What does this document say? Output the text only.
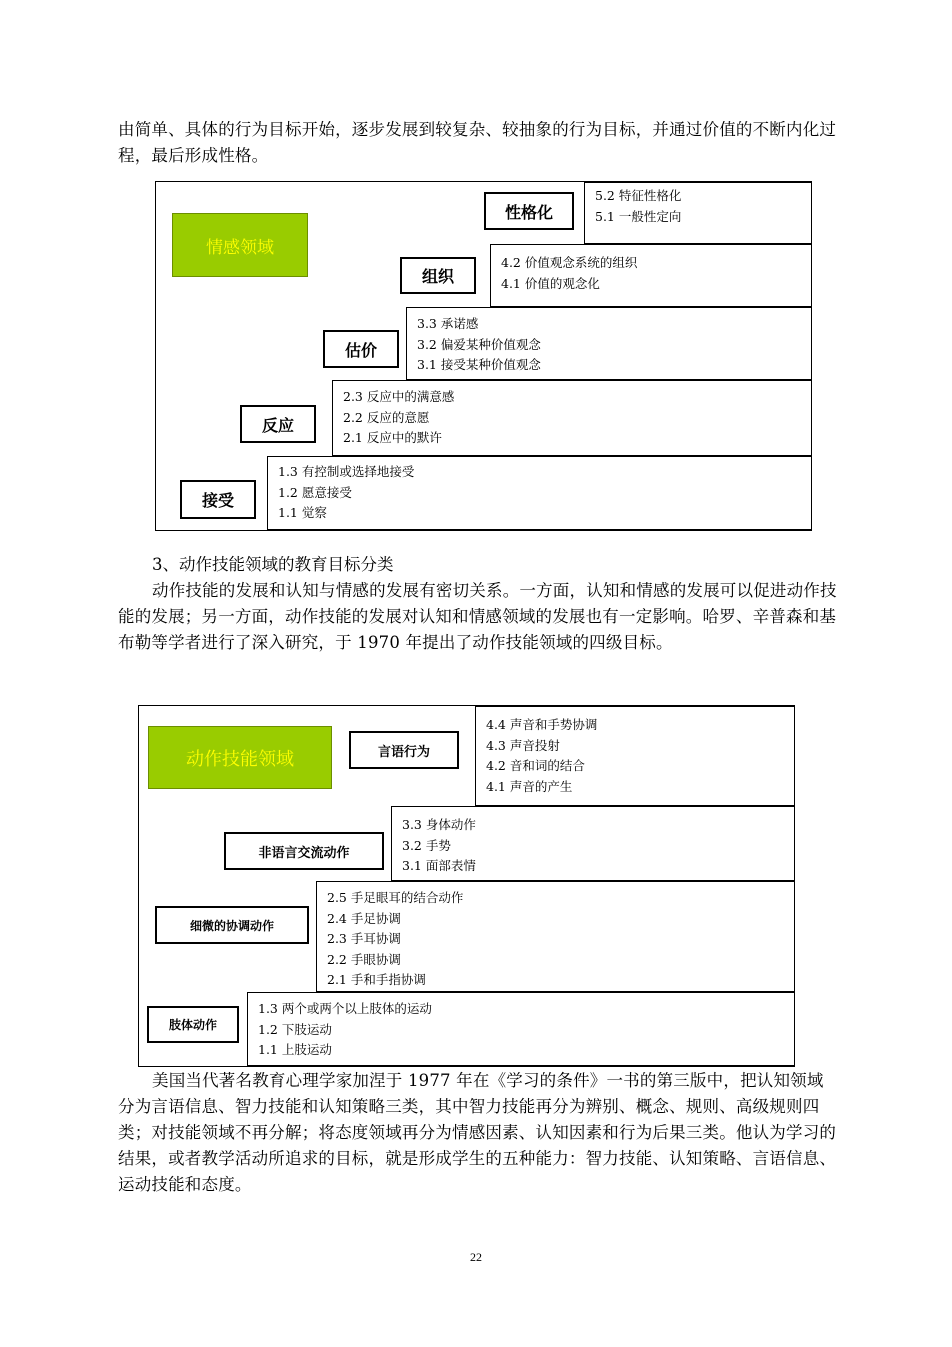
由简单、具体的行为目标开始，逐步发展到较复杂、较抽象的行为目标，并通过价值的不断内化过程，最后形成性格。

情感领域
5.2 特征性格化
5.1 一般性定向
性格化
4.2 价值观念系统的组织
4.1 价值的观念化
组织
3.3 承诺感
3.2 偏爱某种价值观念
3.1 接受某种价值观念
估价
2.3 反应中的满意感
2.2 反应的意愿
2.1 反应中的默许
反应
1.3 有控制或选择地接受
1.2 愿意接受
1.1 觉察
接受

3、动作技能领域的教育目标分类

动作技能的发展和认知与情感的发展有密切关系。一方面，认知和情感的发展可以促进动作技能的发展；另一方面，动作技能的发展对认知和情感领域的发展也有一定影响。哈罗、辛普森和基布勒等学者进行了深入研究，于 1970 年提出了动作技能领域的四级目标。

动作技能领域
4.4 声音和手势协调
4.3 声音投射
4.2 音和词的结合
4.1 声音的产生
言语行为
3.3 身体动作
3.2 手势
3.1 面部表情
非语言交流动作
2.5 手足眼耳的结合动作
2.4 手足协调
2.3 手耳协调
2.2 手眼协调
2.1 手和手指协调
细微的协调动作
1.3 两个或两个以上肢体的运动
1.2 下肢运动
1.1 上肢运动
肢体动作

美国当代著名教育心理学家加涅于 1977 年在《学习的条件》一书的第三版中，把认知领域分为言语信息、智力技能和认知策略三类，其中智力技能再分为辨别、概念、规则、高级规则四类；对技能领域不再分解；将态度领域再分为情感因素、认知因素和行为后果三类。他认为学习的结果，或者教学活动所追求的目标，就是形成学生的五种能力：智力技能、认知策略、言语信息、运动技能和态度。

22
